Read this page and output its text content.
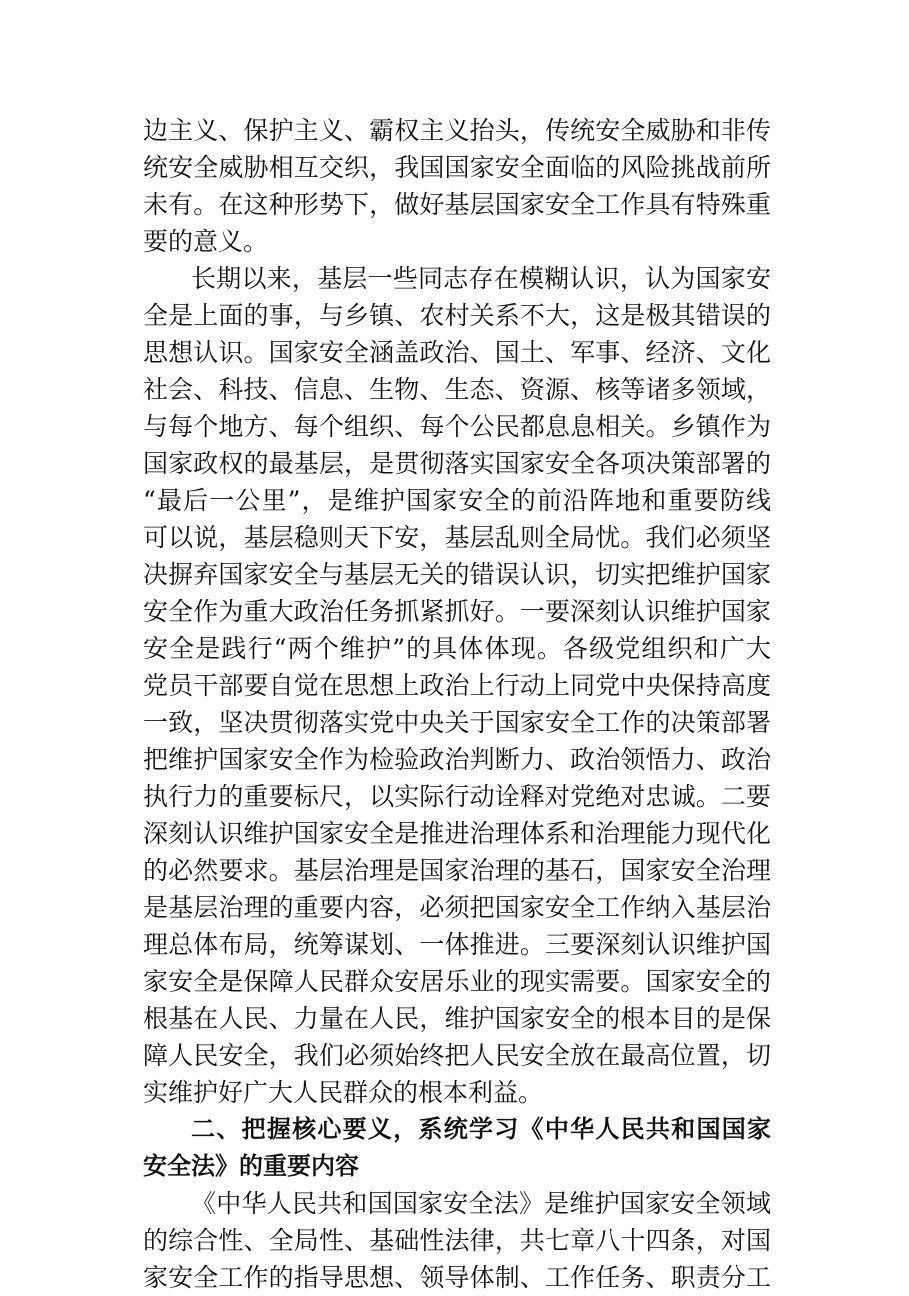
边主义、保护主义、霸权主义抬头，传统安全威胁和非传
统安全威胁相互交织，我国国家安全面临的风险挑战前所
未有。在这种形势下，做好基层国家安全工作具有特殊重
要的意义。
长期以来，基层一些同志存在模糊认识，认为国家安
全是上面的事，与乡镇、农村关系不大，这是极其错误的
思想认识。国家安全涵盖政治、国土、军事、经济、文化
社会、科技、信息、生物、生态、资源、核等诸多领域，
与每个地方、每个组织、每个公民都息息相关。乡镇作为
国家政权的最基层，是贯彻落实国家安全各项决策部署的
“最后一公里”，是维护国家安全的前沿阵地和重要防线
可以说，基层稳则天下安，基层乱则全局忧。我们必须坚
决摒弃国家安全与基层无关的错误认识，切实把维护国家
安全作为重大政治任务抓紧抓好。一要深刻认识维护国家
安全是践行“两个维护”的具体体现。各级党组织和广大
党员干部要自觉在思想上政治上行动上同党中央保持高度
一致，坚决贯彻落实党中央关于国家安全工作的决策部署
把维护国家安全作为检验政治判断力、政治领悟力、政治
执行力的重要标尺，以实际行动诠释对党绝对忠诚。二要
深刻认识维护国家安全是推进治理体系和治理能力现代化
的必然要求。基层治理是国家治理的基石，国家安全治理
是基层治理的重要内容，必须把国家安全工作纳入基层治
理总体布局，统筹谋划、一体推进。三要深刻认识维护国
家安全是保障人民群众安居乐业的现实需要。国家安全的
根基在人民、力量在人民，维护国家安全的根本目的是保
障人民安全，我们必须始终把人民安全放在最高位置，切
实维护好广大人民群众的根本利益。
二、把握核心要义，系统学习《中华人民共和国国家
安全法》的重要内容
《中华人民共和国国家安全法》是维护国家安全领域
的综合性、全局性、基础性法律，共七章八十四条，对国
家安全工作的指导思想、领导体制、工作任务、职责分工
